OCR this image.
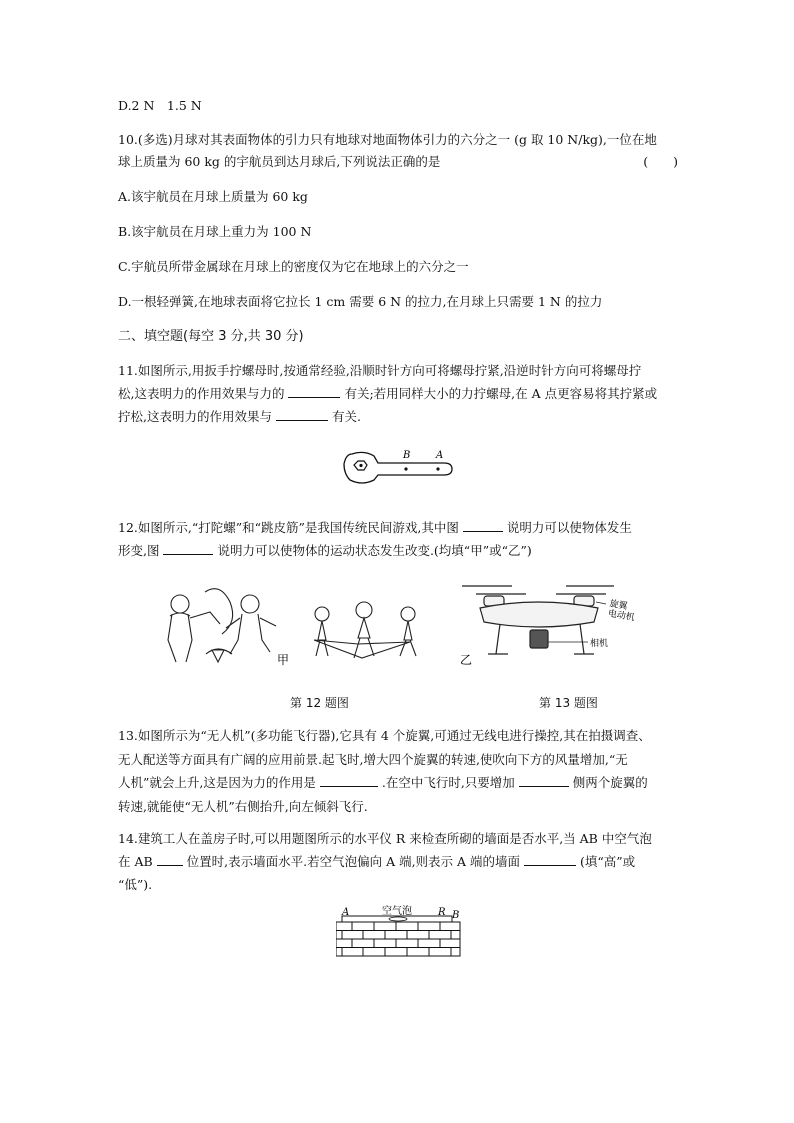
D.2 N　1.5 N
10.(多选)月球对其表面物体的引力只有地球对地面物体引力的六分之一 (g 取 10 N/kg),一位在地
球上质量为 60 kg 的宇航员到达月球后,下列说法正确的是	(　　)
A.该宇航员在月球上质量为 60 kg
B.该宇航员在月球上重力为 100 N
C.宇航员所带金属球在月球上的密度仅为它在地球上的六分之一
D.一根轻弹簧,在地球表面将它拉长 1 cm 需要 6 N 的拉力,在月球上只需要 1 N 的拉力
二、填空题(每空 3 分,共 30 分)
11.如图所示,用扳手拧螺母时,按通常经验,沿顺时针方向可将螺母拧紧,沿逆时针方向可将螺母拧
松,这表明力的作用效果与力的	有关;若用同样大小的力拧螺母,在 A 点更容易将其拧紧或
拧松,这表明力的作用效果与	有关.
B	A
12.如图所示,“打陀螺”和“跳皮筋”是我国传统民间游戏,其中图	说明力可以使物体发生
形变,图	说明力可以使物体的运动状态发生改变.(均填“甲”或“乙”)
甲	乙
旋翼
电动机
相机
第 12 题图	第 13 题图
13.如图所示为“无人机”(多功能飞行器),它具有 4 个旋翼,可通过无线电进行操控,其在拍摄调查、
无人配送等方面具有广阔的应用前景.起飞时,增大四个旋翼的转速,使吹向下方的风量增加,“无
人机”就会上升,这是因为力的作用是	.在空中飞行时,只要增加	侧两个旋翼的
转速,就能使“无人机”右侧抬升,向左倾斜飞行.
14.建筑工人在盖房子时,可以用题图所示的水平仪 R 来检查所砌的墙面是否水平,当 AB 中空气泡
在 AB	位置时,表示墙面水平.若空气泡偏向 A 端,则表示 A 端的墙面	(填“高”或
“低”).
A	空气泡	R B
